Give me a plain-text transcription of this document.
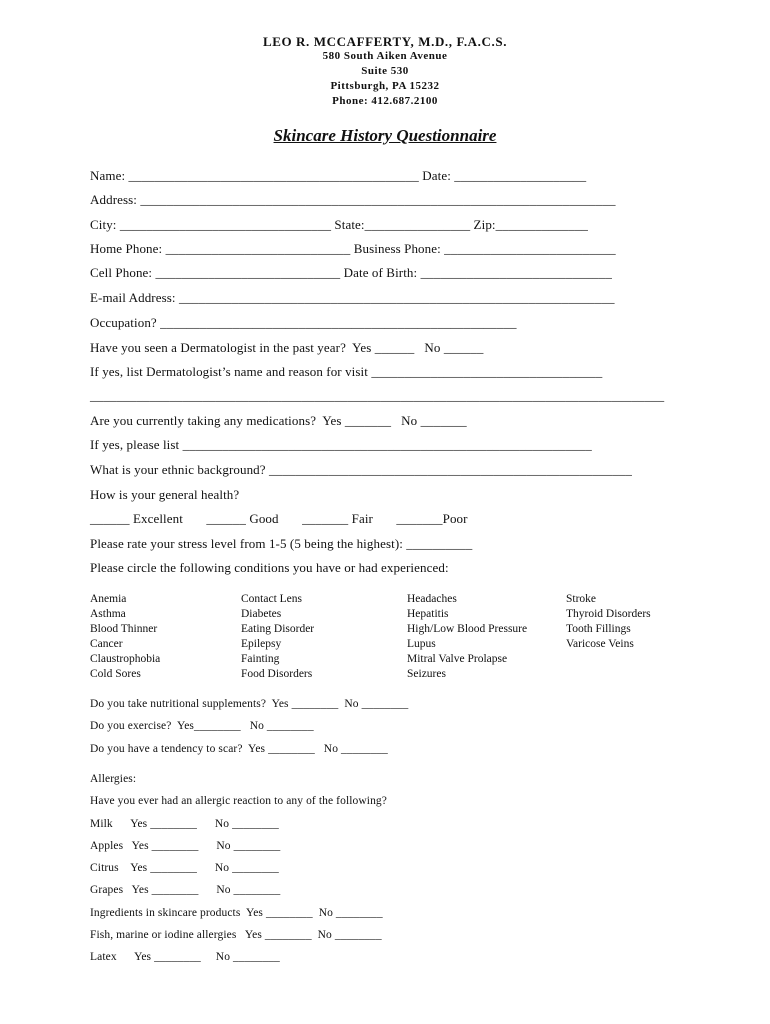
LEO R. MCCAFFERTY, M.D., F.A.C.S.
580 South Aiken Avenue
Suite 530
Pittsburgh, PA 15232
Phone: 412.687.2100
Skincare History Questionnaire
Name: ____________________________________________ Date: ____________________
Address: ________________________________________________________________________
City: ________________________________ State:________________ Zip:______________
Home Phone: ____________________________ Business Phone: __________________________
Cell Phone: ____________________________ Date of Birth: _____________________________
E-mail Address: __________________________________________________________________
Occupation? ______________________________________________________
Have you seen a Dermatologist in the past year?  Yes ______   No ______
If yes, list Dermatologist’s name and reason for visit ___________________________________
_______________________________________________________________________________________
Are you currently taking any medications?  Yes _______   No _______
If yes, please list ______________________________________________________________
What is your ethnic background? _______________________________________________________
How is your general health?
______ Excellent       ______ Good       _______ Fair       _______Poor
Please rate your stress level from 1-5 (5 being the highest): __________
Please circle the following conditions you have or had experienced:
Anemia
Asthma
Blood Thinner
Cancer
Claustrophobia
Cold Sores
Contact Lens
Diabetes
Eating Disorder
Epilepsy
Fainting
Food Disorders
Headaches
Hepatitis
High/Low Blood Pressure
Lupus
Mitral Valve Prolapse
Seizures
Stroke
Thyroid Disorders
Tooth Fillings
Varicose Veins
Do you take nutritional supplements?  Yes ________  No ________
Do you exercise?  Yes________   No ________
Do you have a tendency to scar?  Yes ________   No ________
Allergies:
Have you ever had an allergic reaction to any of the following?
Milk      Yes ________      No ________
Apples   Yes ________      No ________
Citrus    Yes ________      No ________
Grapes   Yes ________      No ________
Ingredients in skincare products  Yes ________  No ________
Fish, marine or iodine allergies   Yes ________  No ________
Latex      Yes ________     No ________
